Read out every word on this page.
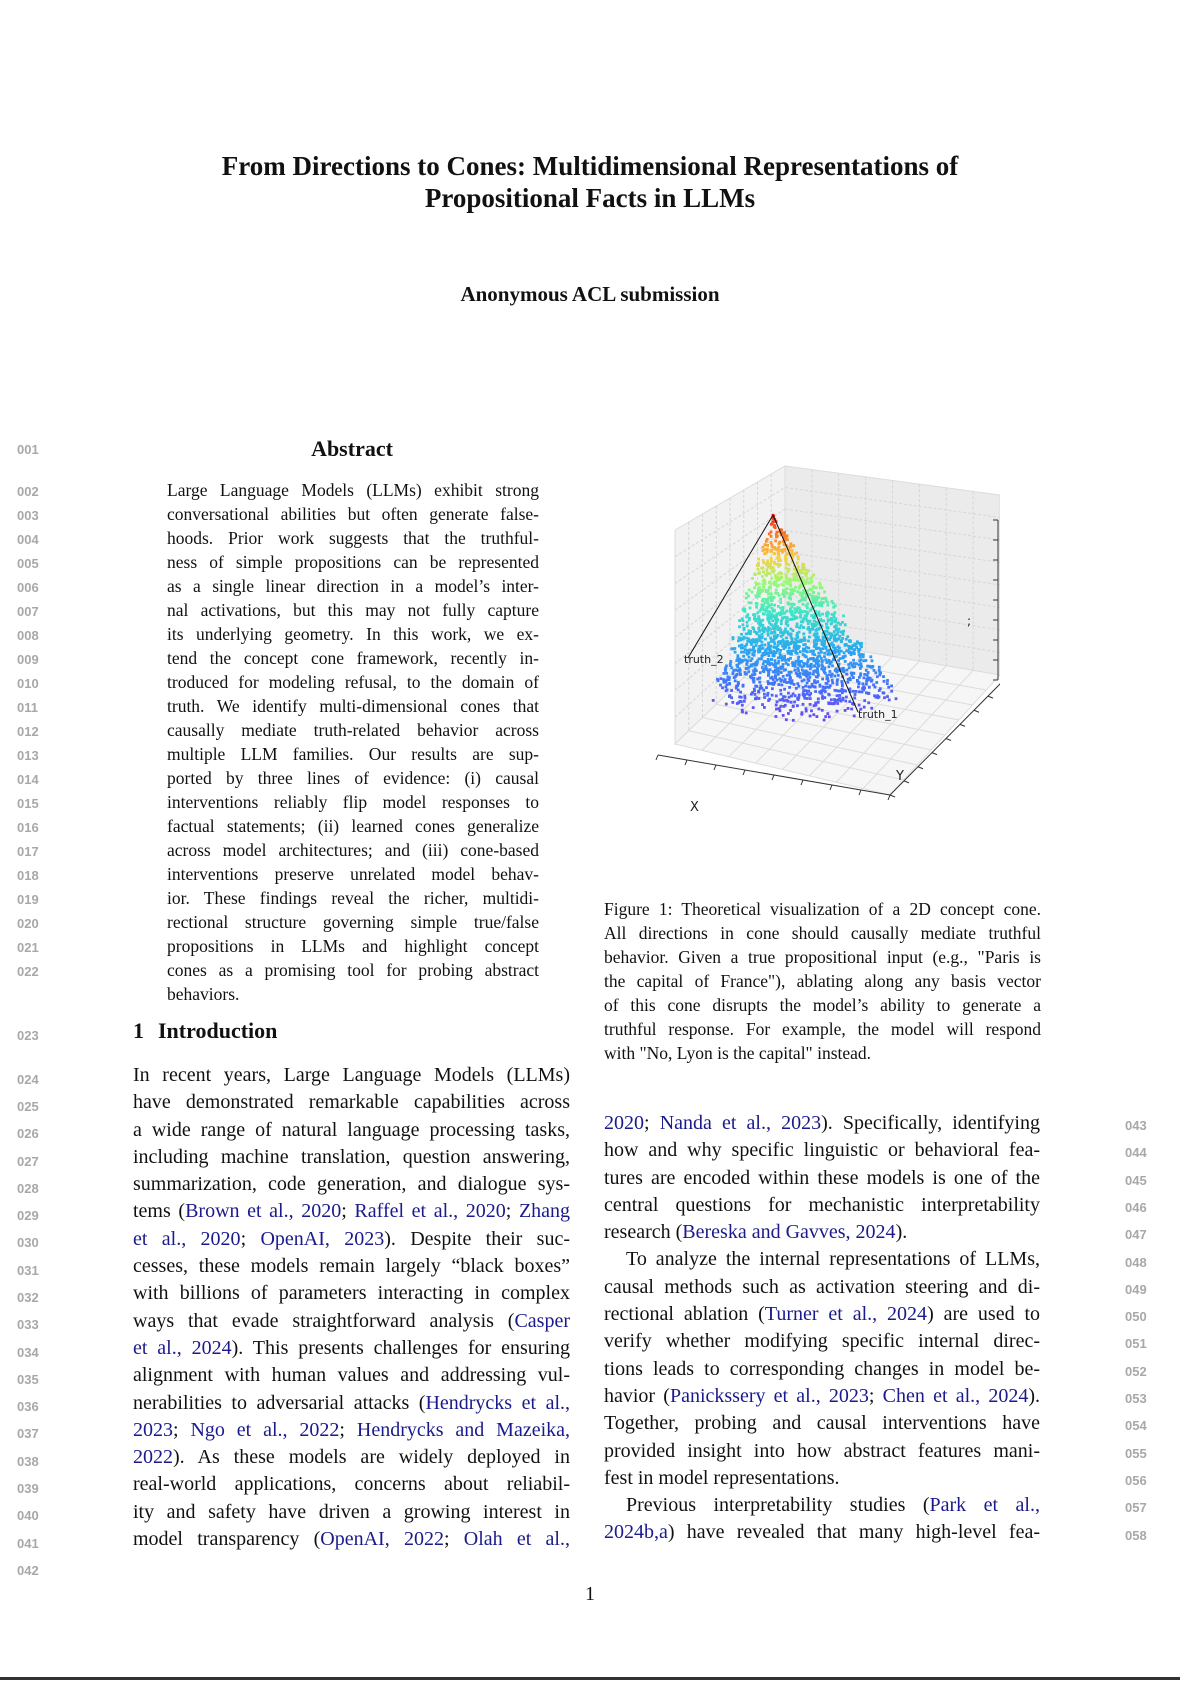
From Directions to Cones: Multidimensional Representations of
Propositional Facts in LLMs
Anonymous ACL submission
Abstract
Large Language Models (LLMs) exhibit strong
conversational abilities but often generate false-
hoods. Prior work suggests that the truthful-
ness of simple propositions can be represented
as a single linear direction in a model’s inter-
nal activations, but this may not fully capture
its underlying geometry. In this work, we ex-
tend the concept cone framework, recently in-
troduced for modeling refusal, to the domain of
truth. We identify multi-dimensional cones that
causally mediate truth-related behavior across
multiple LLM families. Our results are sup-
ported by three lines of evidence: (i) causal
interventions reliably flip model responses to
factual statements; (ii) learned cones generalize
across model architectures; and (iii) cone-based
interventions preserve unrelated model behav-
ior. These findings reveal the richer, multidi-
rectional structure governing simple true/false
propositions in LLMs and highlight concept
cones as a promising tool for probing abstract
behaviors.
1 Introduction
In recent years, Large Language Models (LLMs)
have demonstrated remarkable capabilities across
a wide range of natural language processing tasks,
including machine translation, question answering,
summarization, code generation, and dialogue sys-
tems (Brown et al., 2020; Raffel et al., 2020; Zhang
et al., 2020; OpenAI, 2023). Despite their suc-
cesses, these models remain largely “black boxes”
with billions of parameters interacting in complex
ways that evade straightforward analysis (Casper
et al., 2024). This presents challenges for ensuring
alignment with human values and addressing vul-
nerabilities to adversarial attacks (Hendrycks et al.,
2023; Ngo et al., 2022; Hendrycks and Mazeika,
2022). As these models are widely deployed in
real-world applications, concerns about reliabil-
ity and safety have driven a growing interest in
model transparency (OpenAI, 2022; Olah et al.,
2020; Nanda et al., 2023). Specifically, identifying
how and why specific linguistic or behavioral fea-
tures are encoded within these models is one of the
central questions for mechanistic interpretability
research (Bereska and Gavves, 2024).
To analyze the internal representations of LLMs,
causal methods such as activation steering and di-
rectional ablation (Turner et al., 2024) are used to
verify whether modifying specific internal direc-
tions leads to corresponding changes in model be-
havior (Panickssery et al., 2023; Chen et al., 2024).
Together, probing and causal interventions have
provided insight into how abstract features mani-
fest in model representations.
Previous interpretability studies (Park et al.,
2024b,a) have revealed that many high-level fea-
truth_2
truth_1
X
Y
;
Figure 1: Theoretical visualization of a 2D concept cone.
All directions in cone should causally mediate truthful
behavior. Given a true propositional input (e.g., "Paris is
the capital of France"), ablating along any basis vector
of this cone disrupts the model’s ability to generate a
truthful response. For example, the model will respond
with "No, Lyon is the capital" instead.
001
002
003
004
005
006
007
008
009
010
011
012
013
014
015
016
017
018
019
020
021
022
023
024
025
026
027
028
029
030
031
032
033
034
035
036
037
038
039
040
041
042
043
044
045
046
047
048
049
050
051
052
053
054
055
056
057
058
1
